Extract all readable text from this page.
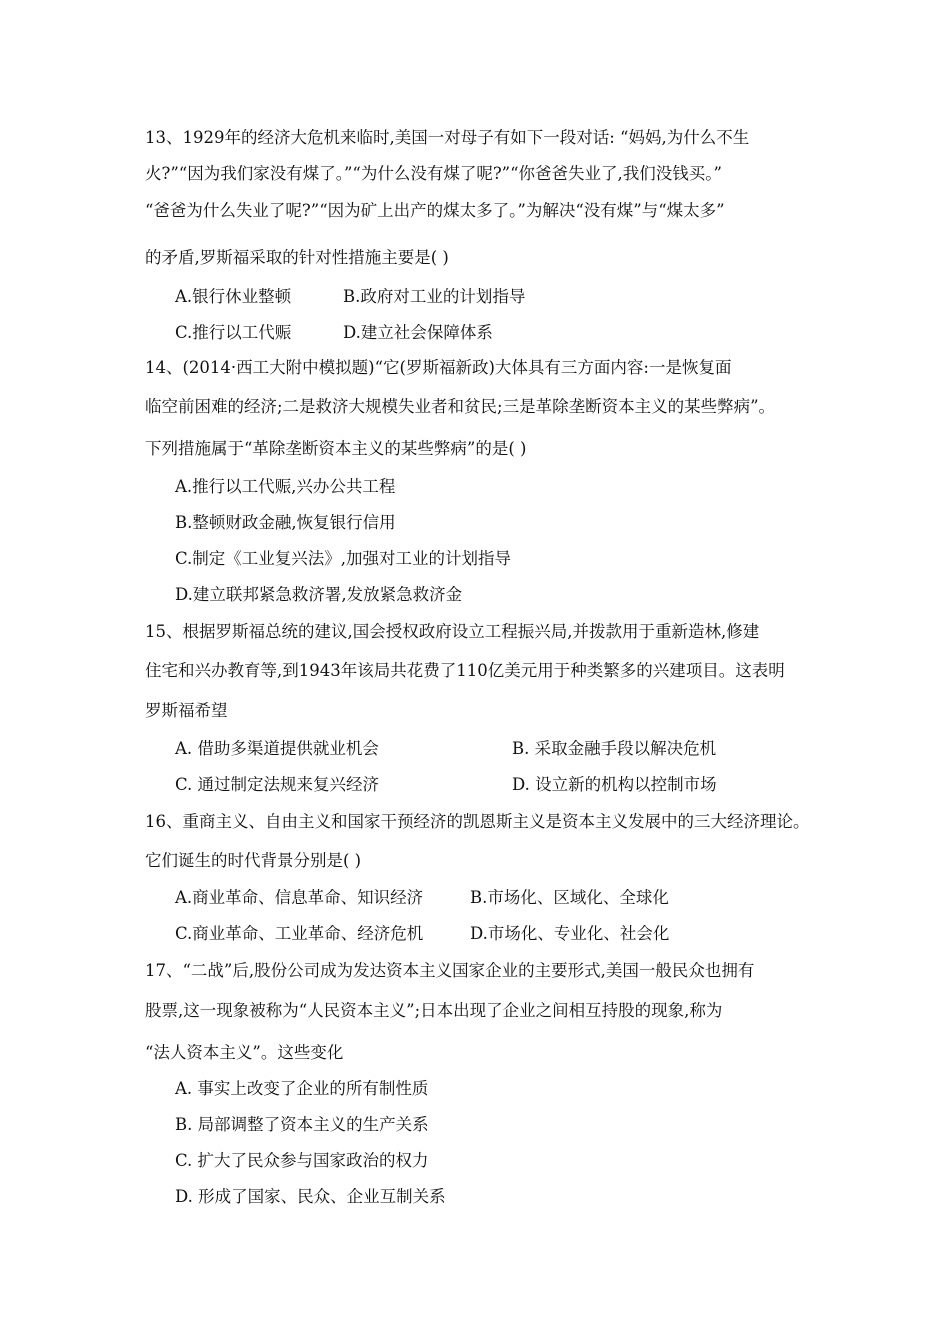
13、1929年的经济大危机来临时,美国一对母子有如下一段对话: “妈妈,为什么不生
火?”“因为我们家没有煤了。”“为什么没有煤了呢?”“你爸爸失业了,我们没钱买。”
“爸爸为什么失业了呢?”“因为矿上出产的煤太多了。”为解决“没有煤”与“煤太多”
的矛盾,罗斯福采取的针对性措施主要是( )
A.银行休业整顿	B.政府对工业的计划指导
C.推行以工代赈	D.建立社会保障体系
14、(2014·西工大附中模拟题)“它(罗斯福新政)大体具有三方面内容:一是恢复面
临空前困难的经济;二是救济大规模失业者和贫民;三是革除垄断资本主义的某些弊病”。
下列措施属于“革除垄断资本主义的某些弊病”的是( )
A.推行以工代赈,兴办公共工程
B.整顿财政金融,恢复银行信用
C.制定《工业复兴法》,加强对工业的计划指导
D.建立联邦紧急救济署,发放紧急救济金
15、根据罗斯福总统的建议,国会授权政府设立工程振兴局,并拨款用于重新造林,修建
住宅和兴办教育等,到1943年该局共花费了110亿美元用于种类繁多的兴建项目。这表明
罗斯福希望
A. 借助多渠道提供就业机会	B. 采取金融手段以解决危机
C. 通过制定法规来复兴经济	D. 设立新的机构以控制市场
16、重商主义、自由主义和国家干预经济的凯恩斯主义是资本主义发展中的三大经济理论。
它们诞生的时代背景分别是( )
A.商业革命、信息革命、知识经济	B.市场化、区域化、全球化
C.商业革命、工业革命、经济危机	D.市场化、专业化、社会化
17、“二战”后,股份公司成为发达资本主义国家企业的主要形式,美国一般民众也拥有
股票,这一现象被称为“人民资本主义”;日本出现了企业之间相互持股的现象,称为
“法人资本主义”。这些变化
A. 事实上改变了企业的所有制性质
B. 局部调整了资本主义的生产关系
C. 扩大了民众参与国家政治的权力
D. 形成了国家、民众、企业互制关系
